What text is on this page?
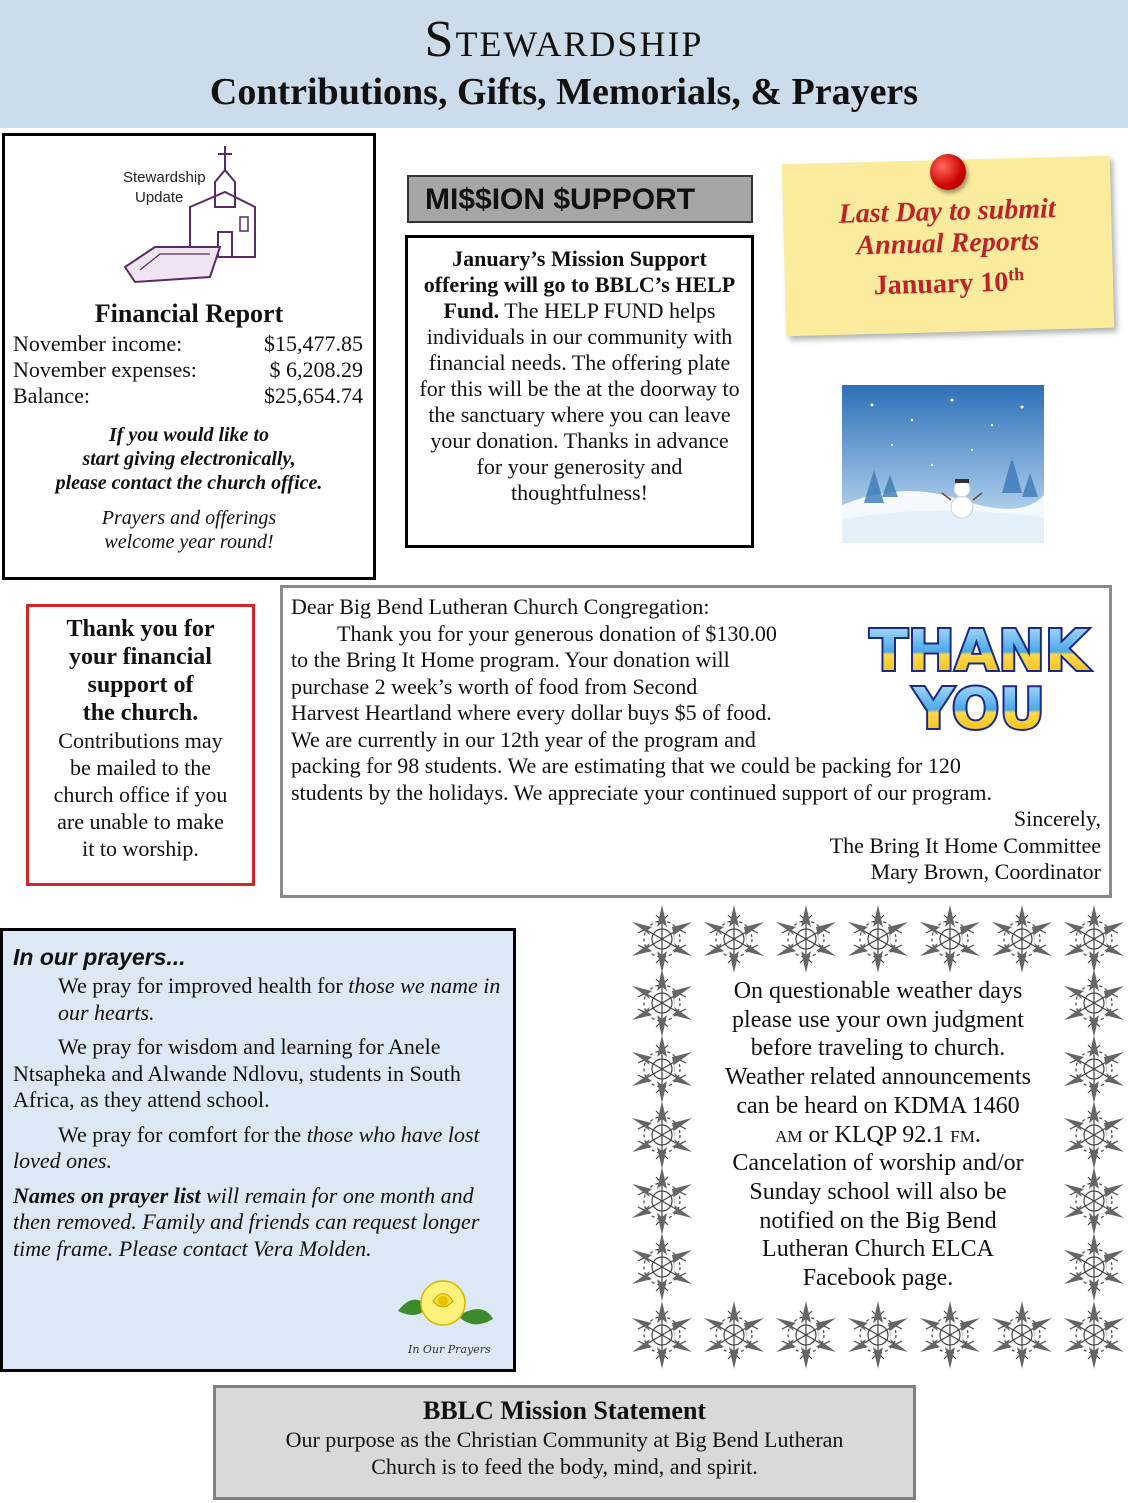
Stewardship
Contributions, Gifts, Memorials, & Prayers
Stewardship
Update
Financial Report
November income:	$15,477.85
November expenses:	$ 6,208.29
Balance:	$25,654.74
If you would like to
start giving electronically,
please contact the church office.
Prayers and offerings
welcome year round!
MI$$ION $UPPORT
January’s Mission Support offering will go to BBLC’s HELP Fund. The HELP FUND helps individuals in our community with financial needs. The offering plate for this will be the at the doorway to the sanctuary where you can leave your donation. Thanks in advance for your generosity and thoughtfulness!
Last Day to submit
Annual Reports
January 10th
Thank you for
your financial
support of
the church.
Contributions may
be mailed to the
church office if you
are unable to make
it to worship.
Dear Big Bend Lutheran Church Congregation:
Thank you for your generous donation of $130.00
to the Bring It Home program. Your donation will
purchase 2 week’s worth of food from Second
Harvest Heartland where every dollar buys $5 of food.
We are currently in our 12th year of the program and
packing for 98 students. We are estimating that we could be packing for 120
students by the holidays. We appreciate your continued support of our program.
Sincerely,
The Bring It Home Committee
Mary Brown, Coordinator
THANK
YOU
In our prayers...

We pray for improved health for those we name in our hearts.

We pray for wisdom and learning for Anele Ntsapheka and Alwande Ndlovu, students in South Africa, as they attend school.

We pray for comfort for the those who have lost loved ones.

Names on prayer list will remain for one month and then removed. Family and friends can request longer time frame. Please contact Vera Molden.

In Our Prayers
On questionable weather days
please use your own judgment
before traveling to church.
Weather related announcements
can be heard on KDMA 1460
am or KLQP 92.1 fm.
Cancelation of worship and/or
Sunday school will also be
notified on the Big Bend
Lutheran Church ELCA
Facebook page.
BBLC Mission Statement
Our purpose as the Christian Community at Big Bend Lutheran
Church is to feed the body, mind, and spirit.
